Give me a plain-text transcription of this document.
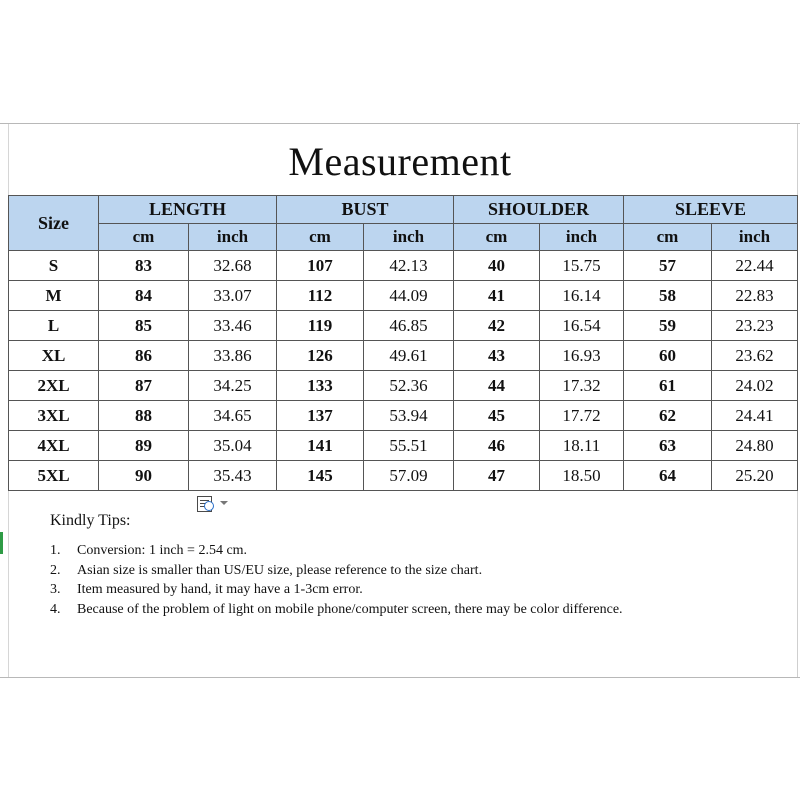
Measurement
Size	LENGTH		BUST		SHOULDER		SLEEVE	
	cm	inch	cm	inch	cm	inch	cm	inch
S	83	32.68	107	42.13	40	15.75	57	22.44
M	84	33.07	112	44.09	41	16.14	58	22.83
L	85	33.46	119	46.85	42	16.54	59	23.23
XL	86	33.86	126	49.61	43	16.93	60	23.62
2XL	87	34.25	133	52.36	44	17.32	61	24.02
3XL	88	34.65	137	53.94	45	17.72	62	24.41
4XL	89	35.04	141	55.51	46	18.11	63	24.80
5XL	90	35.43	145	57.09	47	18.50	64	25.20
Kindly Tips:
1. Conversion: 1 inch = 2.54 cm.
2. Asian size is smaller than US/EU size, please reference to the size chart.
3. Item measured by hand, it may have a 1-3cm error.
4. Because of the problem of light on mobile phone/computer screen, there may be color difference.
